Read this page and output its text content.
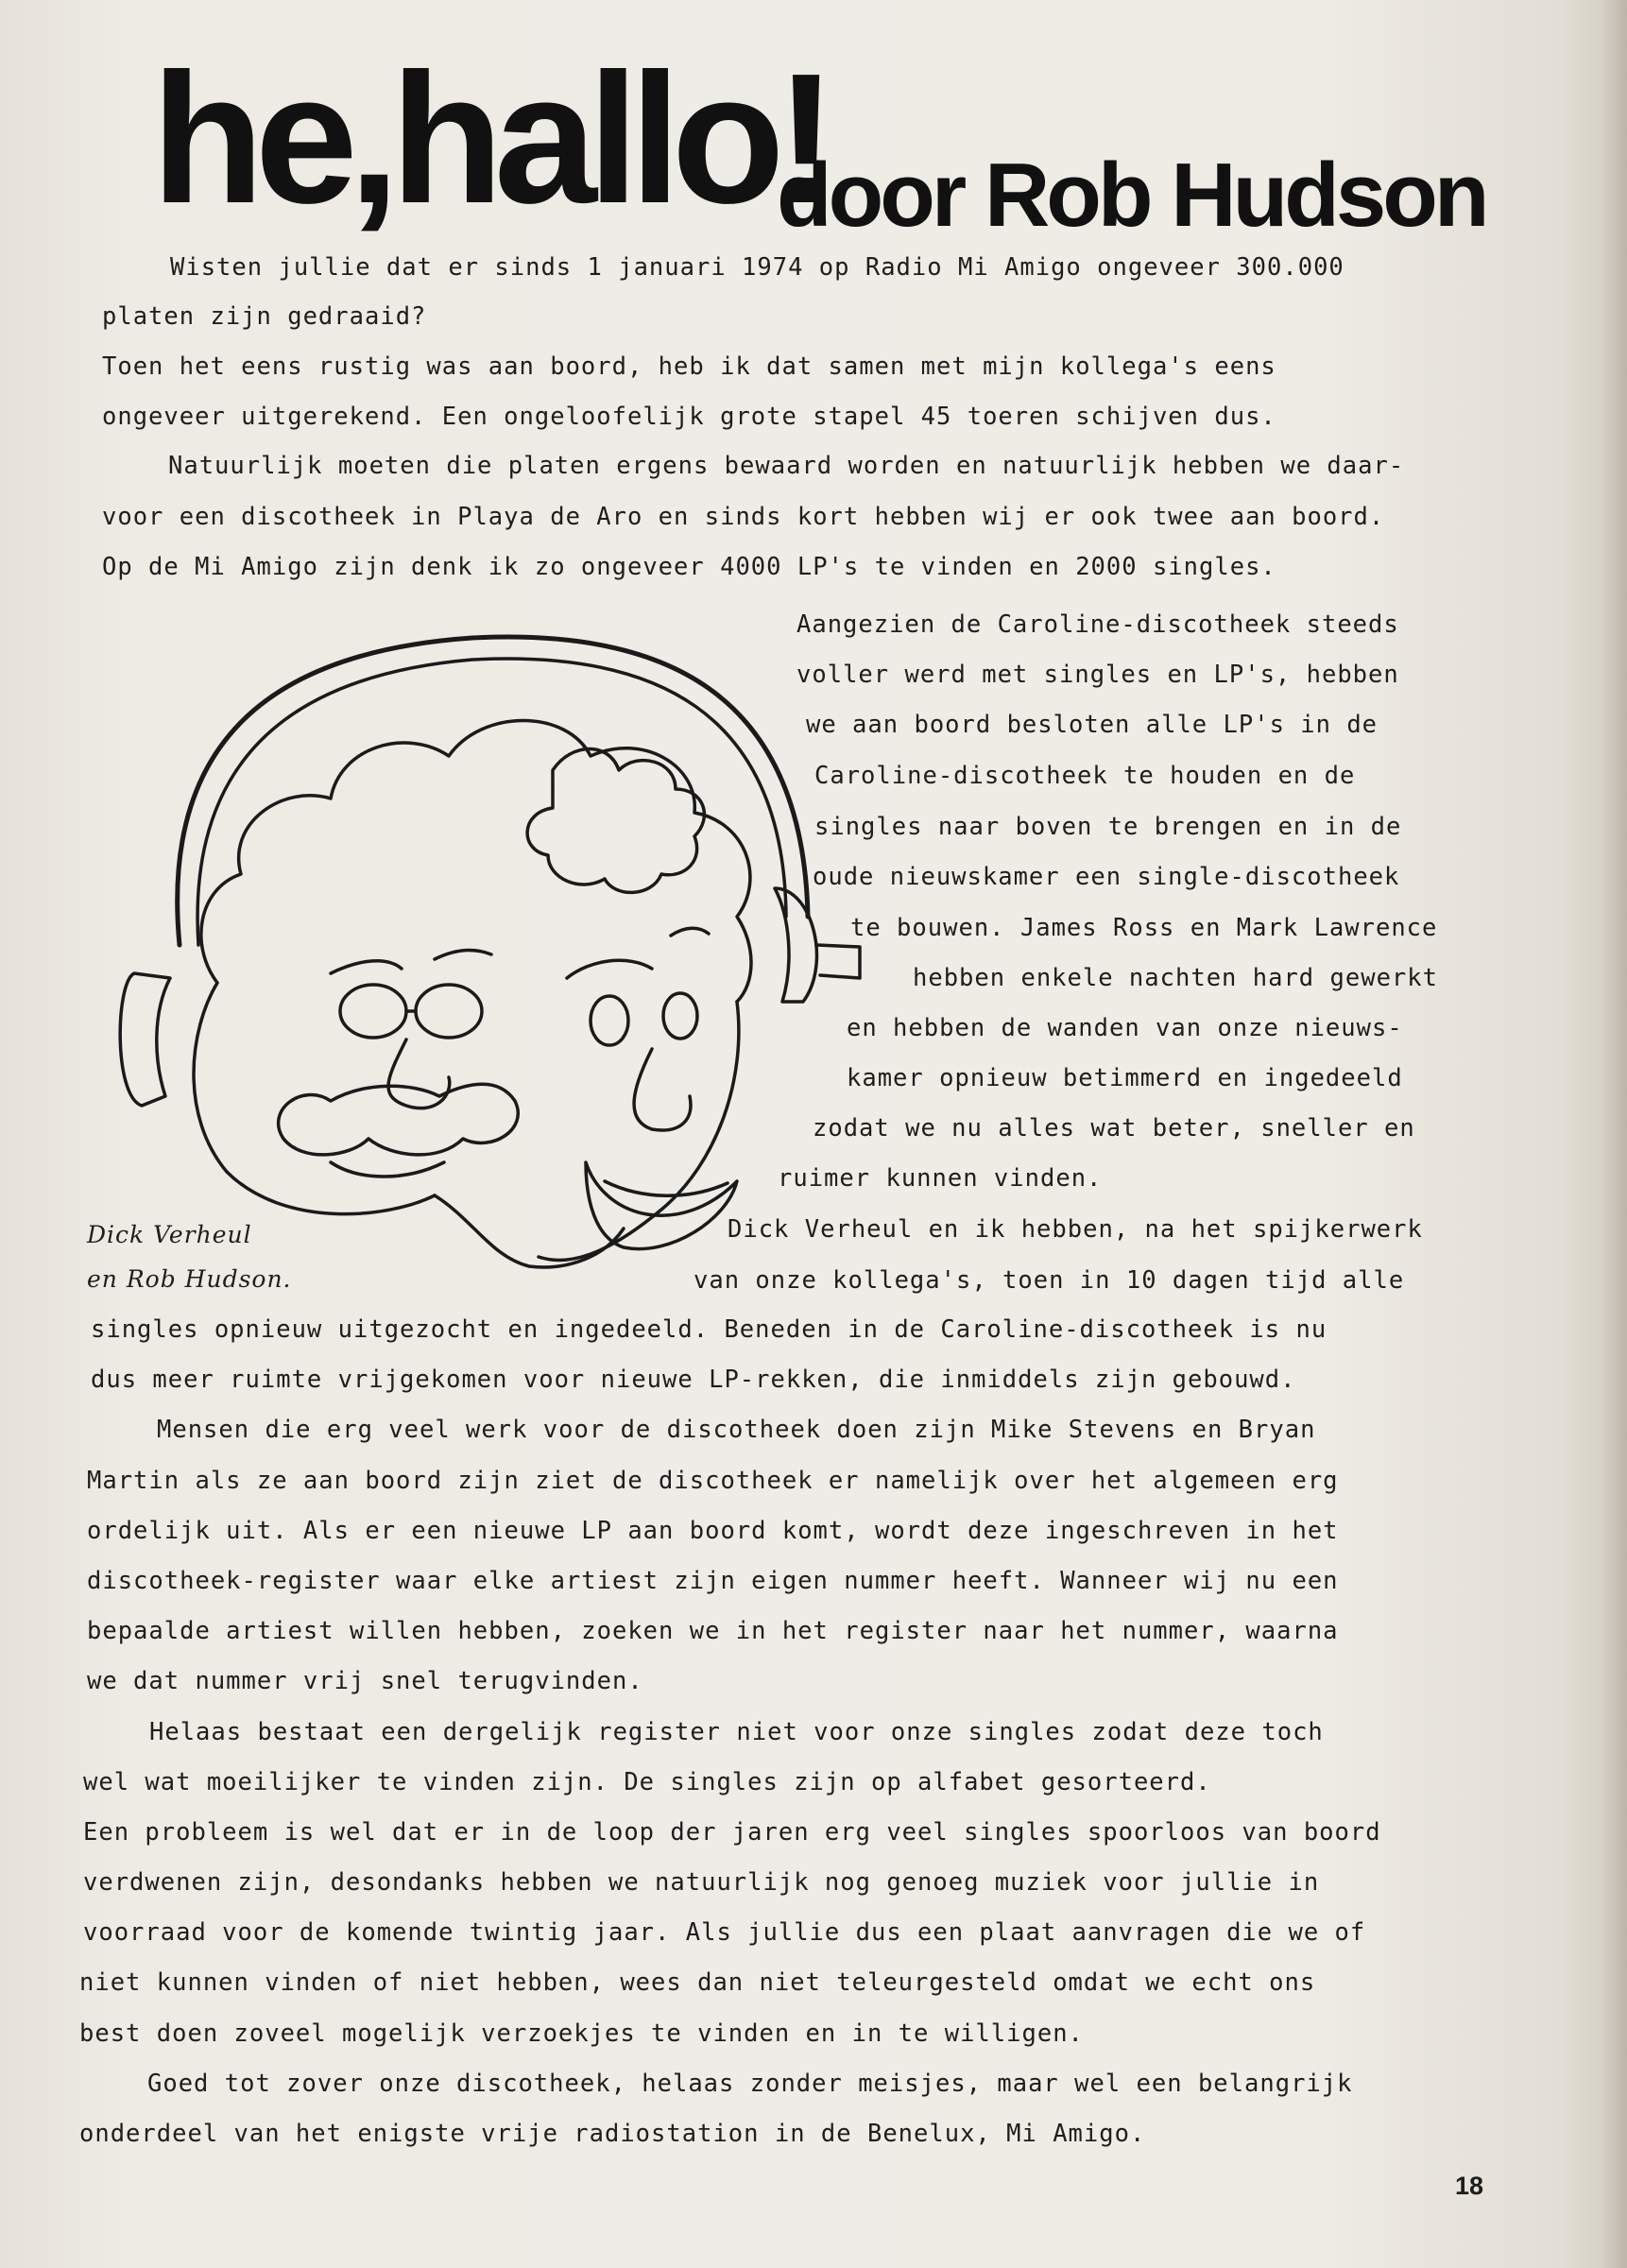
he,hallo!
door Rob Hudson
Wisten jullie dat er sinds 1 januari 1974 op Radio Mi Amigo ongeveer 300.000
platen zijn gedraaid?
Toen het eens rustig was aan boord, heb ik dat samen met mijn kollega's eens
ongeveer uitgerekend. Een ongeloofelijk grote stapel 45 toeren schijven dus.
Natuurlijk moeten die platen ergens bewaard worden en natuurlijk hebben we daar-
voor een discotheek in Playa de Aro en sinds kort hebben wij er ook twee aan boord.
Op de Mi Amigo zijn denk ik zo ongeveer 4000 LP's te vinden en 2000 singles.
Aangezien de Caroline-discotheek steeds
voller werd met singles en LP's, hebben
we aan boord besloten alle LP's in de
Caroline-discotheek te houden en de
singles naar boven te brengen en in de
oude nieuwskamer een single-discotheek
te bouwen. James Ross en Mark Lawrence
hebben enkele nachten hard gewerkt
en hebben de wanden van onze nieuws-
kamer opnieuw betimmerd en ingedeeld
zodat we nu alles wat beter, sneller en
ruimer kunnen vinden.
Dick Verheul en ik hebben, na het spijkerwerk
van onze kollega's, toen in 10 dagen tijd alle
singles opnieuw uitgezocht en ingedeeld. Beneden in de Caroline-discotheek is nu
dus meer ruimte vrijgekomen voor nieuwe LP-rekken, die inmiddels zijn gebouwd.
Mensen die erg veel werk voor de discotheek doen zijn Mike Stevens en Bryan
Martin als ze aan boord zijn ziet de discotheek er namelijk over het algemeen erg
ordelijk uit. Als er een nieuwe LP aan boord komt, wordt deze ingeschreven in het
discotheek-register waar elke artiest zijn eigen nummer heeft. Wanneer wij nu een
bepaalde artiest willen hebben, zoeken we in het register naar het nummer, waarna
we dat nummer vrij snel terugvinden.
Helaas bestaat een dergelijk register niet voor onze singles zodat deze toch
wel wat moeilijker te vinden zijn. De singles zijn op alfabet gesorteerd.
Een probleem is wel dat er in de loop der jaren erg veel singles spoorloos van boord
verdwenen zijn, desondanks hebben we natuurlijk nog genoeg muziek voor jullie in
voorraad voor de komende twintig jaar. Als jullie dus een plaat aanvragen die we of
niet kunnen vinden of niet hebben, wees dan niet teleurgesteld omdat we echt ons
best doen zoveel mogelijk verzoekjes te vinden en in te willigen.
Goed tot zover onze discotheek, helaas zonder meisjes, maar wel een belangrijk
onderdeel van het enigste vrije radiostation in de Benelux, Mi Amigo.
Dick Verheul
en Rob Hudson.
18
